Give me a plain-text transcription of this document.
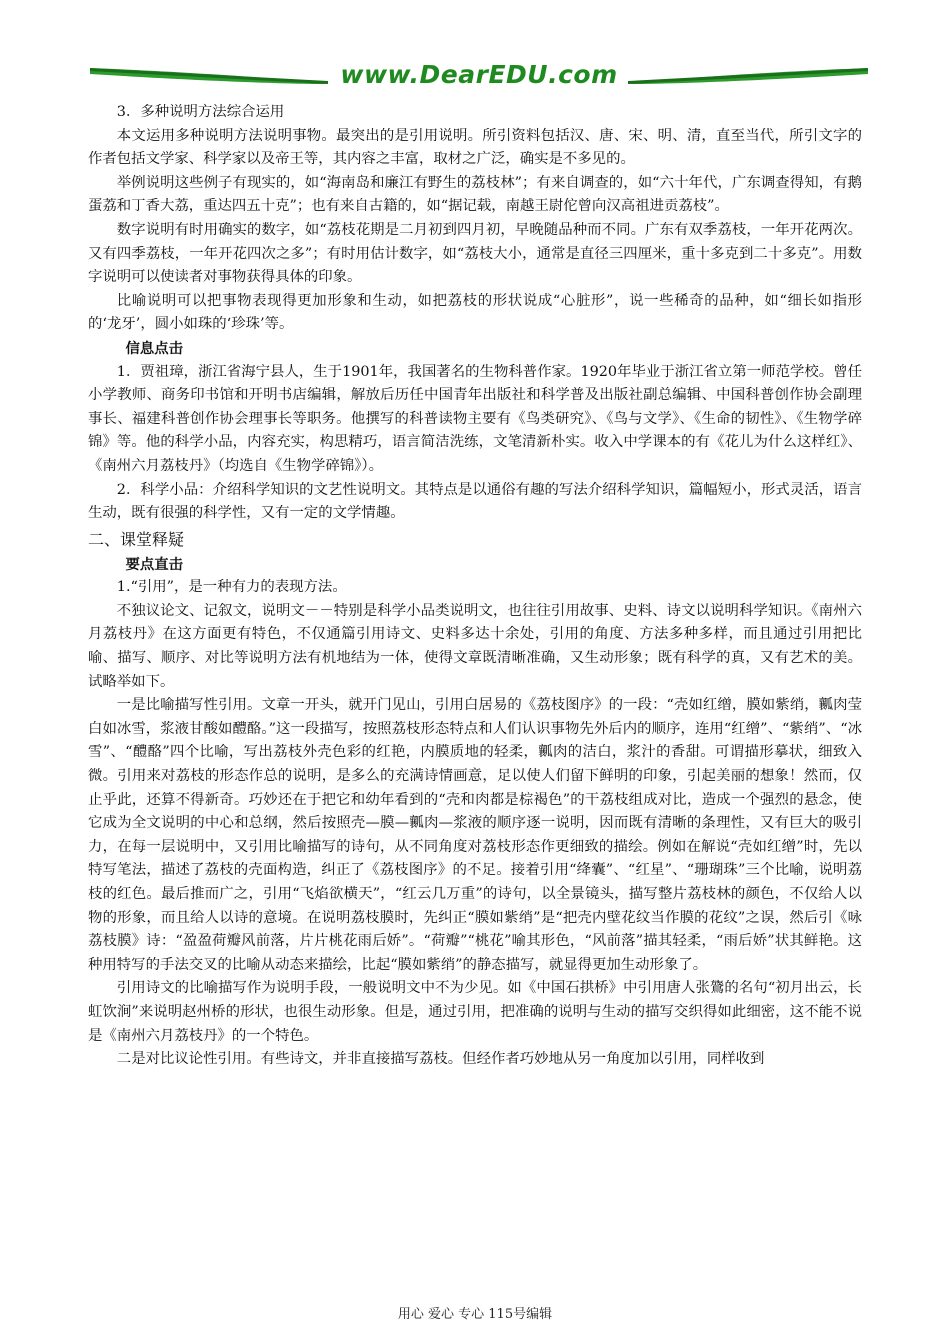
www.DearEDU.com

3．多种说明方法综合运用

本文运用多种说明方法说明事物。最突出的是引用说明。所引资料包括汉、唐、宋、明、清，直至当代，所引文字的作者包括文学家、科学家以及帝王等，其内容之丰富，取材之广泛，确实是不多见的。

举例说明这些例子有现实的，如“海南岛和廉江有野生的荔枝林”；有来自调查的，如“六十年代，广东调查得知，有鹅蛋荔和丁香大荔，重达四五十克”；也有来自古籍的，如“据记载，南越王尉佗曾向汉高祖进贡荔枝”。

数字说明有时用确实的数字，如“荔枝花期是二月初到四月初，早晚随品种而不同。广东有双季荔枝，一年开花两次。又有四季荔枝，一年开花四次之多”；有时用估计数字，如“荔枝大小，通常是直径三四厘米，重十多克到二十多克”。用数字说明可以使读者对事物获得具体的印象。

比喻说明可以把事物表现得更加形象和生动，如把荔枝的形状说成“心脏形”，说一些稀奇的品种，如“细长如指形的‘龙牙’，圆小如珠的‘珍珠’等。

信息点击

1．贾祖璋，浙江省海宁县人，生于1901年，我国著名的生物科普作家。1920年毕业于浙江省立第一师范学校。曾任小学教师、商务印书馆和开明书店编辑，解放后历任中国青年出版社和科学普及出版社副总编辑、中国科普创作协会副理事长、福建科普创作协会理事长等职务。他撰写的科普读物主要有《鸟类研究》、《鸟与文学》、《生命的韧性》、《生物学碎锦》等。他的科学小品，内容充实，构思精巧，语言简洁洗练，文笔清新朴实。收入中学课本的有《花儿为什么这样红》、《南州六月荔枝丹》（均选自《生物学碎锦》）。

2．科学小品：介绍科学知识的文艺性说明文。其特点是以通俗有趣的写法介绍科学知识，篇幅短小，形式灵活，语言生动，既有很强的科学性，又有一定的文学情趣。

二、课堂释疑

要点直击

1.“引用”，是一种有力的表现方法。

不独议论文、记叙文，说明文－－特别是科学小品类说明文，也往往引用故事、史料、诗文以说明科学知识。《南州六月荔枝丹》在这方面更有特色，不仅通篇引用诗文、史料多达十余处，引用的角度、方法多种多样，而且通过引用把比喻、描写、顺序、对比等说明方法有机地结为一体，使得文章既清晰准确，又生动形象；既有科学的真，又有艺术的美。试略举如下。

一是比喻描写性引用。文章一开头，就开门见山，引用白居易的《荔枝图序》的一段：“壳如红缯，膜如紫绡，瓤肉莹白如冰雪，浆液甘酸如醴酪。”这一段描写，按照荔枝形态特点和人们认识事物先外后内的顺序，连用“红缯”、“紫绡”、“冰雪”、“醴酪”四个比喻，写出荔枝外壳色彩的红艳，内膜质地的轻柔，瓤肉的洁白，浆汁的香甜。可谓描形摹状，细致入微。引用来对荔枝的形态作总的说明，是多么的充满诗情画意，足以使人们留下鲜明的印象，引起美丽的想象！然而，仅止乎此，还算不得新奇。巧妙还在于把它和幼年看到的“壳和肉都是棕褐色”的干荔枝组成对比，造成一个强烈的悬念，使它成为全文说明的中心和总纲，然后按照壳—膜—瓤肉—浆液的顺序逐一说明，因而既有清晰的条理性，又有巨大的吸引力，在每一层说明中，又引用比喻描写的诗句，从不同角度对荔枝形态作更细致的描绘。例如在解说“壳如红缯”时，先以特写笔法，描述了荔枝的壳面构造，纠正了《荔枝图序》的不足。接着引用“绛囊”、“红星”、“珊瑚珠”三个比喻，说明荔枝的红色。最后推而广之，引用“飞焰欲横天”，“红云几万重”的诗句，以全景镜头，描写整片荔枝林的颜色，不仅给人以物的形象，而且给人以诗的意境。在说明荔枝膜时，先纠正“膜如紫绡”是“把壳内壁花纹当作膜的花纹”之误，然后引《咏荔枝膜》诗：“盈盈荷瓣风前落，片片桃花雨后娇”。“荷瓣”“桃花”喻其形色，“风前落”描其轻柔，“雨后娇”状其鲜艳。这种用特写的手法交叉的比喻从动态来描绘，比起“膜如紫绡”的静态描写，就显得更加生动形象了。

引用诗文的比喻描写作为说明手段，一般说明文中不为少见。如《中国石拱桥》中引用唐人张鷟的名句“初月出云，长虹饮涧”来说明赵州桥的形状，也很生动形象。但是，通过引用，把准确的说明与生动的描写交织得如此细密，这不能不说是《南州六月荔枝丹》的一个特色。

二是对比议论性引用。有些诗文，并非直接描写荔枝。但经作者巧妙地从另一角度加以引用，同样收到

用心 爱心 专心 115号编辑
